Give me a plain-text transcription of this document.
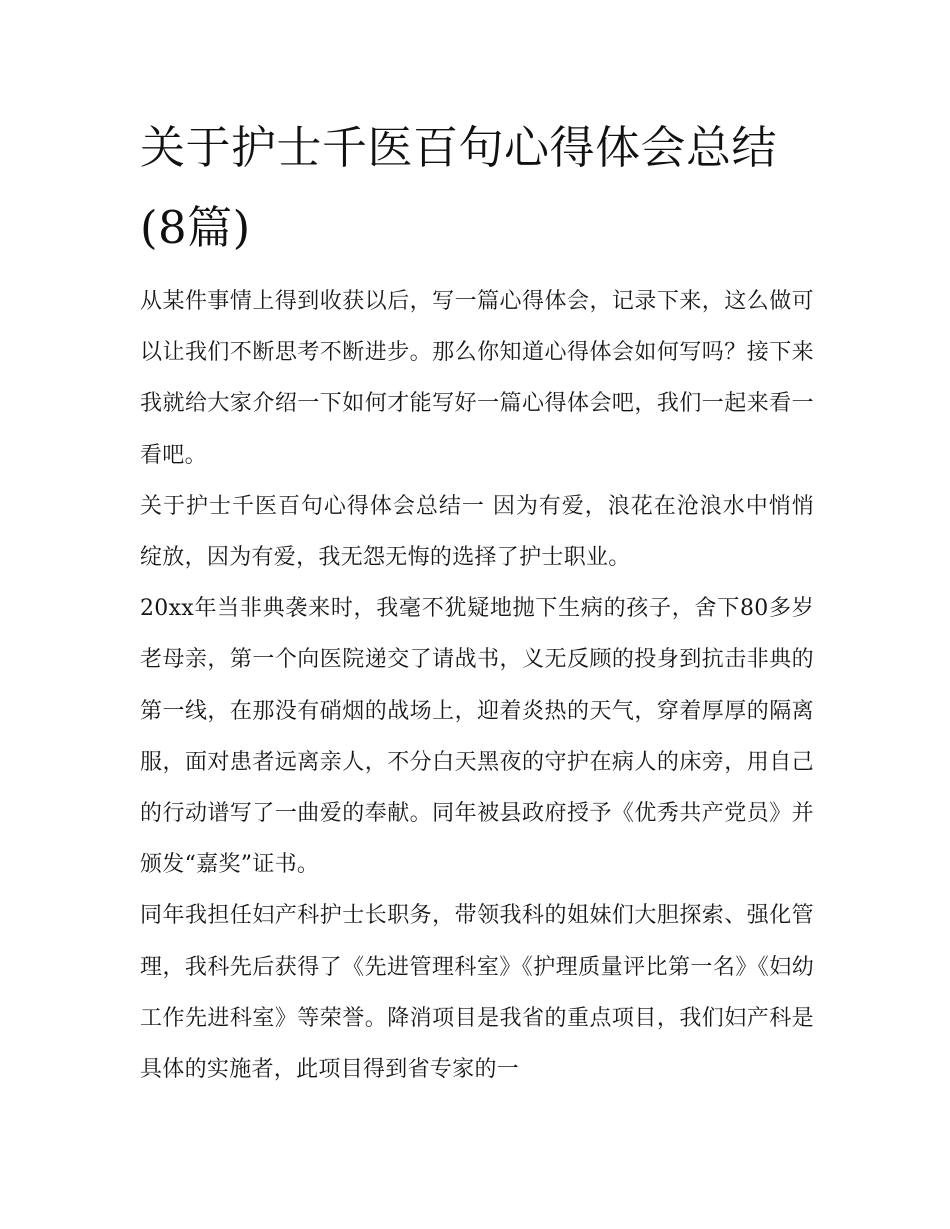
关于护士千医百句心得体会总结(8篇)

从某件事情上得到收获以后，写一篇心得体会，记录下来，这么做可以让我们不断思考不断进步。那么你知道心得体会如何写吗？接下来我就给大家介绍一下如何才能写好一篇心得体会吧，我们一起来看一看吧。

关于护士千医百句心得体会总结一 因为有爱，浪花在沧浪水中悄悄绽放，因为有爱，我无怨无悔的选择了护士职业。

20xx年当非典袭来时，我毫不犹疑地抛下生病的孩子，舍下80多岁老母亲，第一个向医院递交了请战书，义无反顾的投身到抗击非典的第一线，在那没有硝烟的战场上，迎着炎热的天气，穿着厚厚的隔离服，面对患者远离亲人，不分白天黑夜的守护在病人的床旁，用自己的行动谱写了一曲爱的奉献。同年被县政府授予《优秀共产党员》并颁发“嘉奖”证书。

同年我担任妇产科护士长职务，带领我科的姐妹们大胆探索、强化管理，我科先后获得了《先进管理科室》《护理质量评比第一名》《妇幼工作先进科室》等荣誉。降消项目是我省的重点项目，我们妇产科是具体的实施者，此项目得到省专家的一
